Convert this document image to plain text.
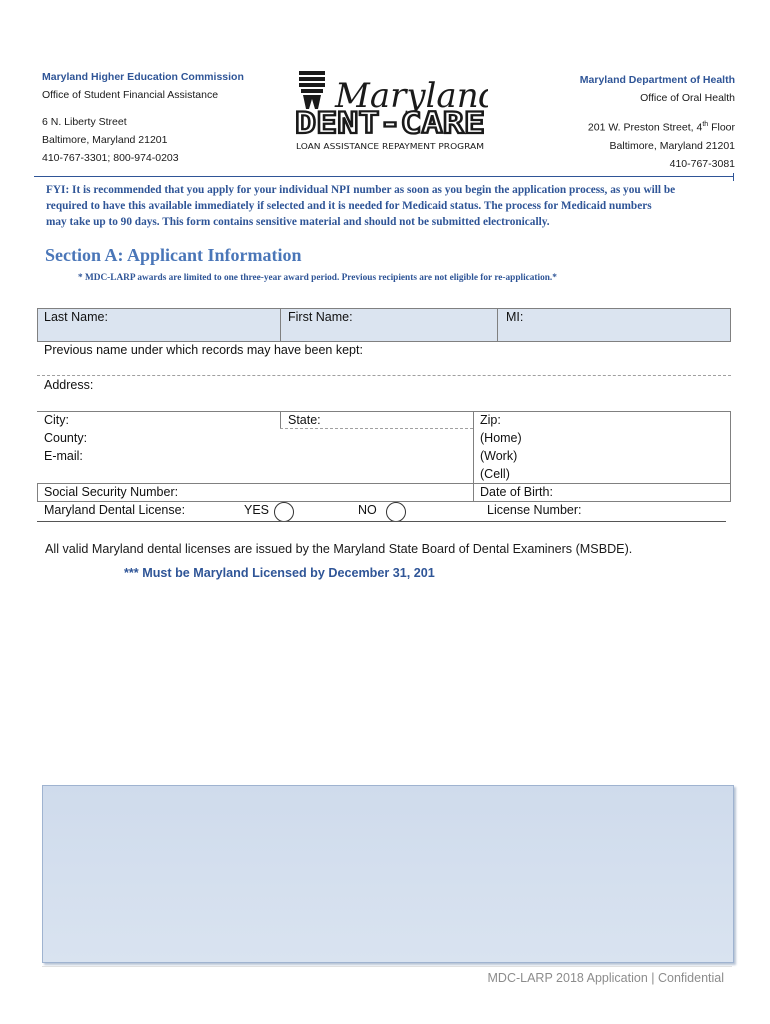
Maryland Higher Education Commission
Office of Student Financial Assistance
6 N. Liberty Street
Baltimore, Maryland 21201
410-767-3301; 800-974-0203
Maryland
DENT-CARE
LOAN ASSISTANCE REPAYMENT PROGRAM
Maryland Department of Health
Office of Oral Health
201 W. Preston Street, 4th Floor
Baltimore, Maryland 21201
410-767-3081
FYI: It is recommended that you apply for your individual NPI number as soon as you begin the application process, as you will be
required to have this available immediately if selected and it is needed for Medicaid status. The process for Medicaid numbers
may take up to 90 days. This form contains sensitive material and should not be submitted electronically.
Section A: Applicant Information
* MDC-LARP awards are limited to one three-year award period. Previous recipients are not eligible for re-application.*
Last Name:	First Name:	MI:
Previous name under which records may have been kept:
Address:
City:	State:	Zip:
County:	(Home)
E-mail:	(Work)
(Cell)
Social Security Number:	Date of Birth:
Maryland Dental License:	YES	NO	License Number:
All valid Maryland dental licenses are issued by the Maryland State Board of Dental Examiners (MSBDE).
*** Must be Maryland Licensed by December 31, 201
MDC-LARP 2018 Application | Confidential
